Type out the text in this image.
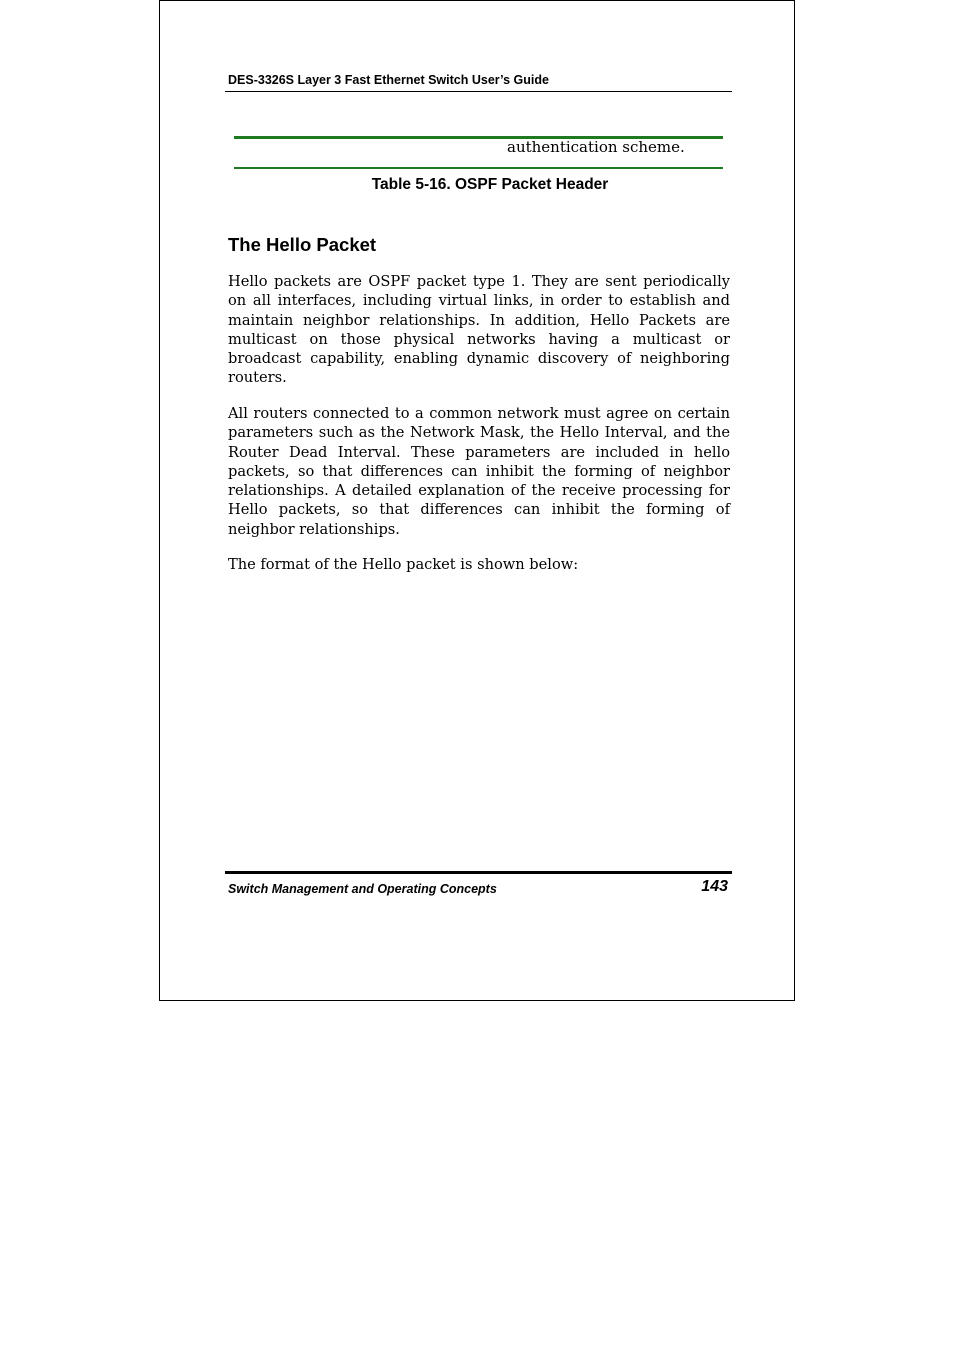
DES-3326S Layer 3 Fast Ethernet Switch User’s Guide
authentication scheme.
Table 5-16. OSPF Packet Header
The Hello Packet

Hello packets are OSPF packet type 1. They are sent periodically on all interfaces, including virtual links, in order to establish and maintain neighbor relationships. In addition, Hello Packets are multicast on those physical networks having a multicast or broadcast capability, enabling dynamic discovery of neighboring routers.

All routers connected to a common network must agree on certain parameters such as the Network Mask, the Hello Interval, and the Router Dead Interval. These parameters are included in hello packets, so that differences can inhibit the forming of neighbor relationships. A detailed explanation of the receive processing for Hello packets, so that differences can inhibit the forming of neighbor relationships.

The format of the Hello packet is shown below:

Switch Management and Operating Concepts	143
